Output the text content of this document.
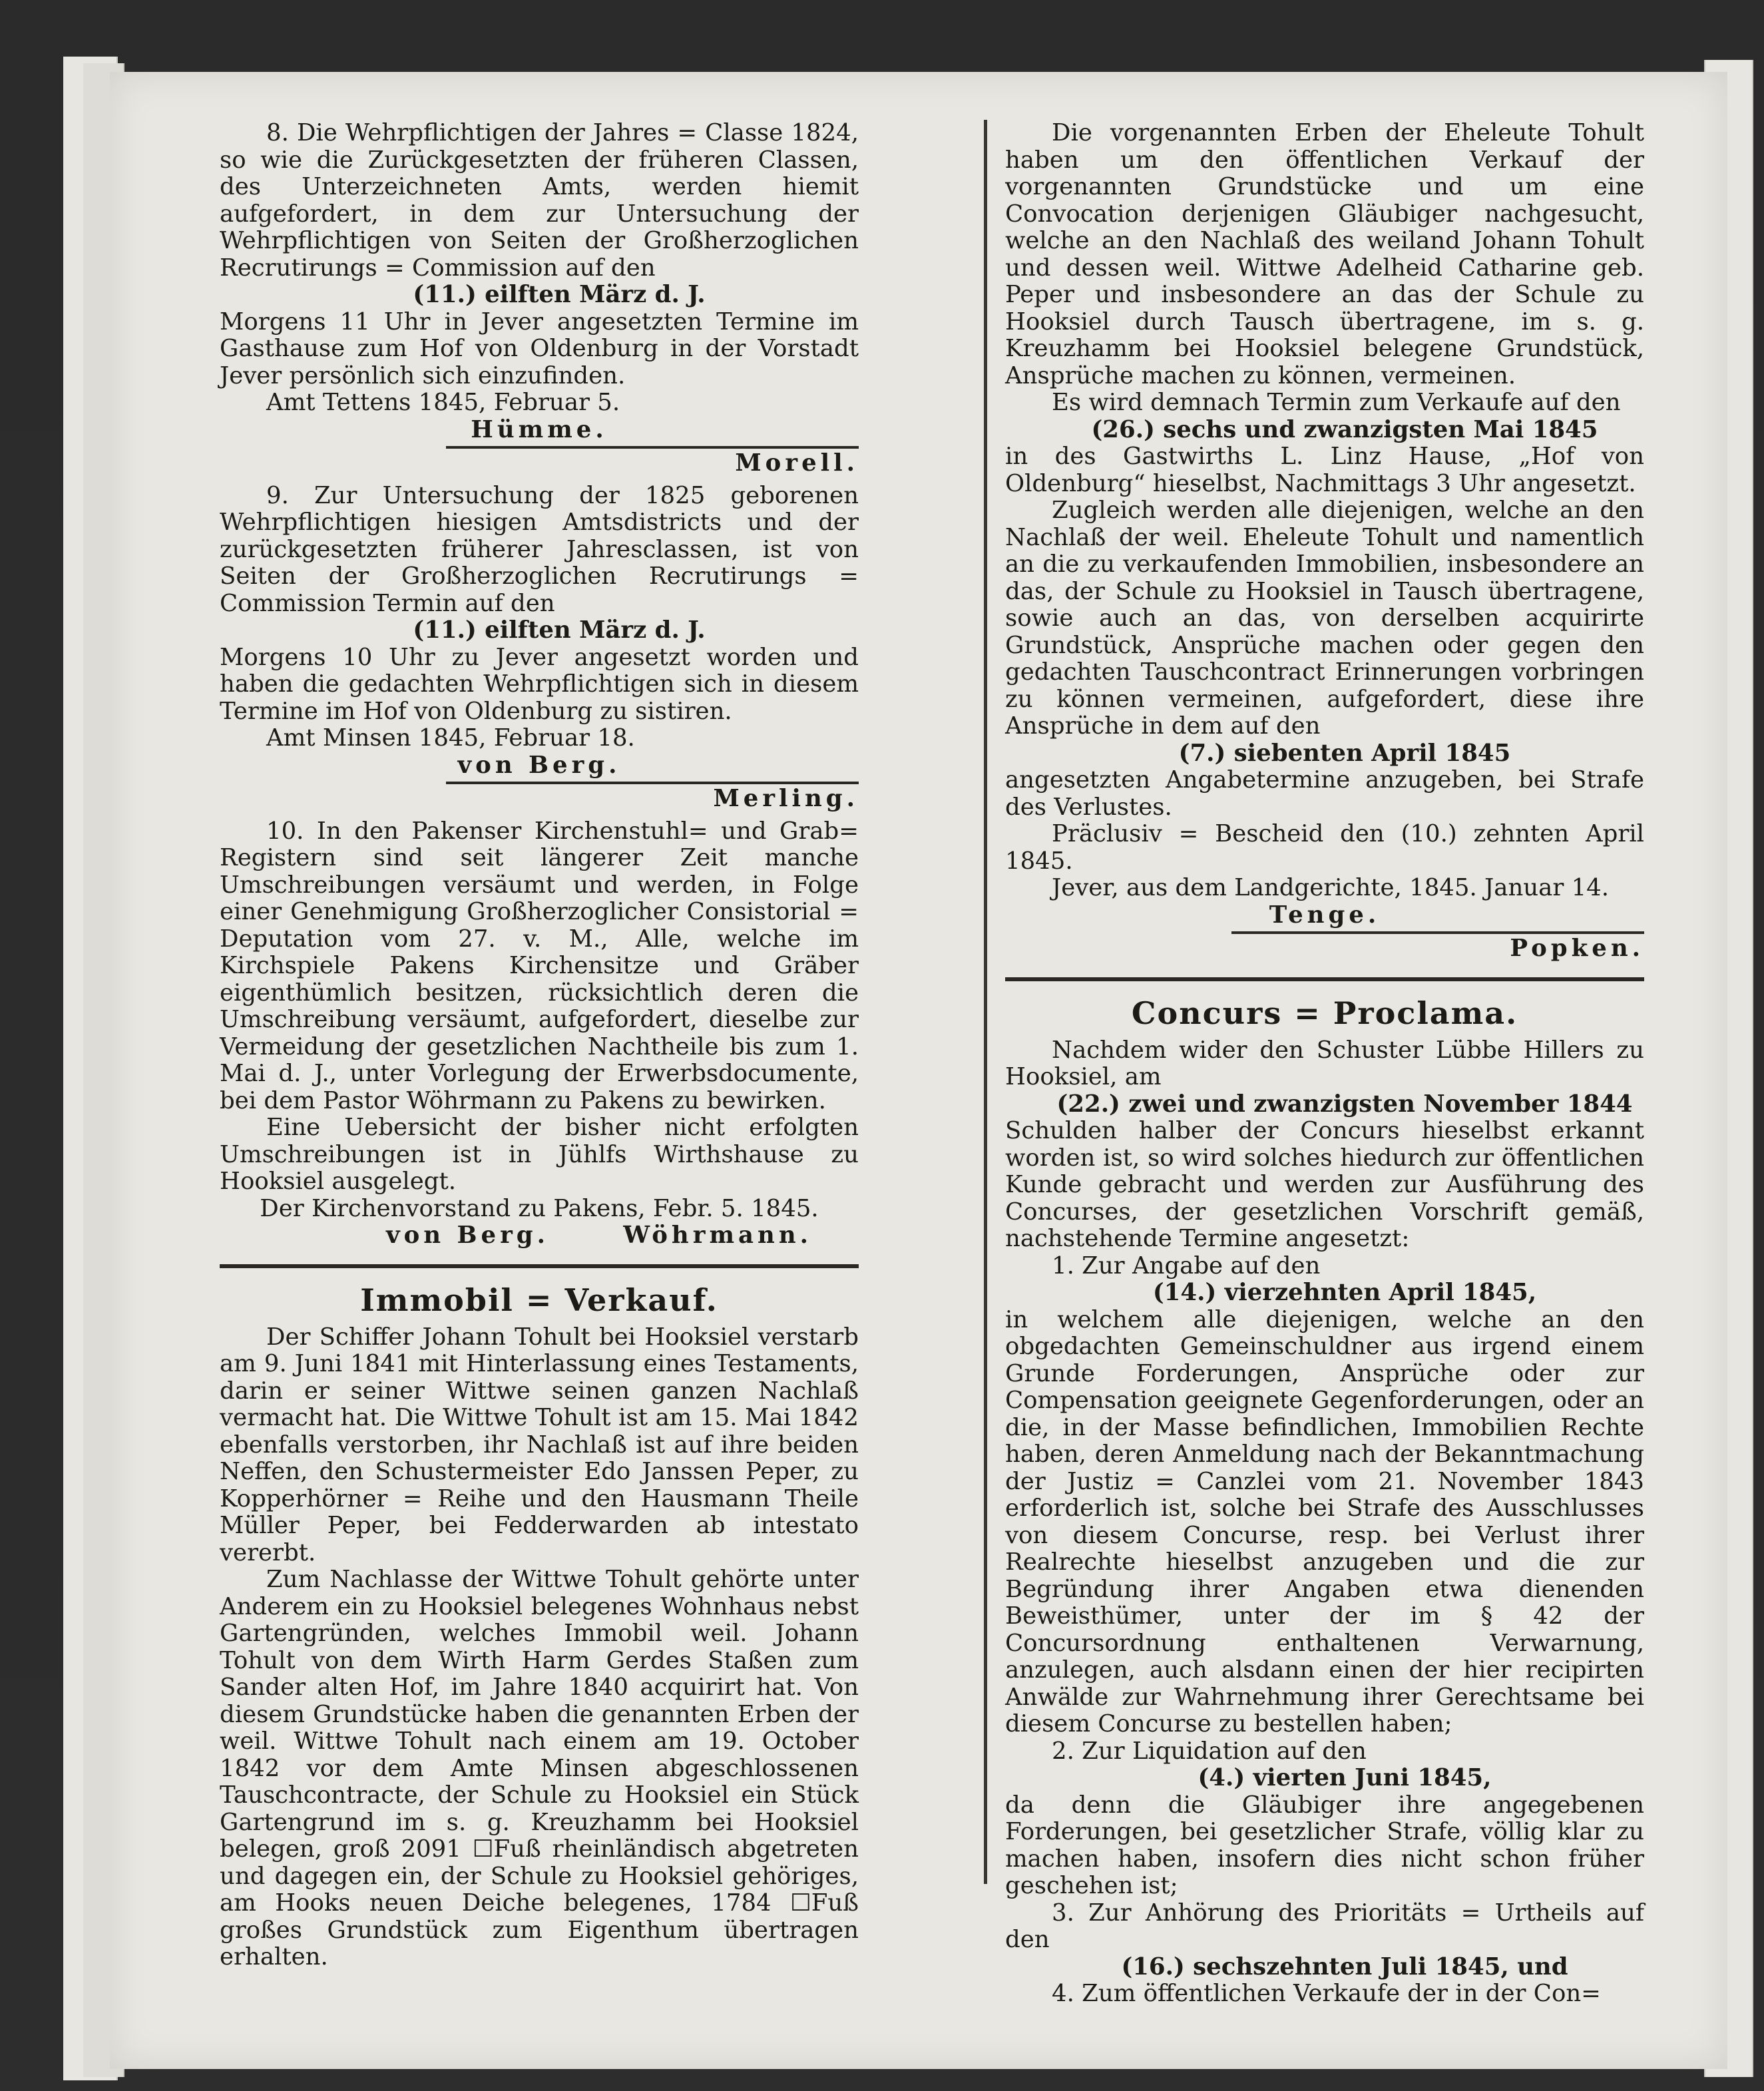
8. Die Wehrpflichtigen der Jahres = Classe 1824, so wie die Zurückgesetzten der früheren Classen, des Unterzeichneten Amts, werden hiemit aufgefordert, in dem zur Untersuchung der Wehrpflichtigen von Seiten der Großherzoglichen Recrutirungs = Commission auf den

(11.) eilften März d. J.

Morgens 11 Uhr in Jever angesetzten Termine im Gasthause zum Hof von Oldenburg in der Vorstadt Jever persönlich sich einzufinden.

Amt Tettens 1845, Februar 5.

Hümme.

Morell.

9. Zur Untersuchung der 1825 geborenen Wehrpflichtigen hiesigen Amtsdistricts und der zurückgesetzten früherer Jahresclassen, ist von Seiten der Großherzoglichen Recrutirungs = Commission Termin auf den

(11.) eilften März d. J.

Morgens 10 Uhr zu Jever angesetzt worden und haben die gedachten Wehrpflichtigen sich in diesem Termine im Hof von Oldenburg zu sistiren.

Amt Minsen 1845, Februar 18.

von Berg.

Merling.

10. In den Pakenser Kirchenstuhl= und Grab= Registern sind seit längerer Zeit manche Umschreibungen versäumt und werden, in Folge einer Genehmigung Großherzoglicher Consistorial = Deputation vom 27. v. M., Alle, welche im Kirchspiele Pakens Kirchensitze und Gräber eigenthümlich besitzen, rücksichtlich deren die Umschreibung versäumt, aufgefordert, dieselbe zur Vermeidung der gesetzlichen Nachtheile bis zum 1. Mai d. J., unter Vorlegung der Erwerbsdocumente, bei dem Pastor Wöhrmann zu Pakens zu bewirken.

Eine Uebersicht der bisher nicht erfolgten Umschreibungen ist in Jühlfs Wirthshause zu Hooksiel ausgelegt.

Der Kirchenvorstand zu Pakens, Febr. 5. 1845.

von Berg.	Wöhrmann.

Immobil = Verkauf.

Der Schiffer Johann Tohult bei Hooksiel verstarb am 9. Juni 1841 mit Hinterlassung eines Testaments, darin er seiner Wittwe seinen ganzen Nachlaß vermacht hat. Die Wittwe Tohult ist am 15. Mai 1842 ebenfalls verstorben, ihr Nachlaß ist auf ihre beiden Neffen, den Schustermeister Edo Janssen Peper, zu Kopperhörner = Reihe und den Hausmann Theile Müller Peper, bei Fedderwarden ab intestato vererbt.

Zum Nachlasse der Wittwe Tohult gehörte unter Anderem ein zu Hooksiel belegenes Wohnhaus nebst Gartengründen, welches Immobil weil. Johann Tohult von dem Wirth Harm Gerdes Staßen zum Sander alten Hof, im Jahre 1840 acquirirt hat. Von diesem Grundstücke haben die genannten Erben der weil. Wittwe Tohult nach einem am 19. October 1842 vor dem Amte Minsen abgeschlossenen Tauschcontracte, der Schule zu Hooksiel ein Stück Gartengrund im s. g. Kreuzhamm bei Hooksiel belegen, groß 2091 ☐Fuß rheinländisch abgetreten und dagegen ein, der Schule zu Hooksiel gehöriges, am Hooks neuen Deiche belegenes, 1784 ☐Fuß großes Grundstück zum Eigenthum übertragen erhalten.

Die vorgenannten Erben der Eheleute Tohult haben um den öffentlichen Verkauf der vorgenannten Grundstücke und um eine Convocation derjenigen Gläubiger nachgesucht, welche an den Nachlaß des weiland Johann Tohult und dessen weil. Wittwe Adelheid Catharine geb. Peper und insbesondere an das der Schule zu Hooksiel durch Tausch übertragene, im s. g. Kreuzhamm bei Hooksiel belegene Grundstück, Ansprüche machen zu können, vermeinen.

Es wird demnach Termin zum Verkaufe auf den

(26.) sechs und zwanzigsten Mai 1845

in des Gastwirths L. Linz Hause, „Hof von Oldenburg“ hieselbst, Nachmittags 3 Uhr angesetzt.

Zugleich werden alle diejenigen, welche an den Nachlaß der weil. Eheleute Tohult und namentlich an die zu verkaufenden Immobilien, insbesondere an das, der Schule zu Hooksiel in Tausch übertragene, sowie auch an das, von derselben acquirirte Grundstück, Ansprüche machen oder gegen den gedachten Tauschcontract Erinnerungen vorbringen zu können vermeinen, aufgefordert, diese ihre Ansprüche in dem auf den

(7.) siebenten April 1845

angesetzten Angabetermine anzugeben, bei Strafe des Verlustes.

Präclusiv = Bescheid den (10.) zehnten April 1845.

Jever, aus dem Landgerichte, 1845. Januar 14.

Tenge.

Popken.

Concurs = Proclama.

Nachdem wider den Schuster Lübbe Hillers zu Hooksiel, am

(22.) zwei und zwanzigsten November 1844

Schulden halber der Concurs hieselbst erkannt worden ist, so wird solches hiedurch zur öffentlichen Kunde gebracht und werden zur Ausführung des Concurses, der gesetzlichen Vorschrift gemäß, nachstehende Termine angesetzt:

1. Zur Angabe auf den

(14.) vierzehnten April 1845,

in welchem alle diejenigen, welche an den obgedachten Gemeinschuldner aus irgend einem Grunde Forderungen, Ansprüche oder zur Compensation geeignete Gegenforderungen, oder an die, in der Masse befindlichen, Immobilien Rechte haben, deren Anmeldung nach der Bekanntmachung der Justiz = Canzlei vom 21. November 1843 erforderlich ist, solche bei Strafe des Ausschlusses von diesem Concurse, resp. bei Verlust ihrer Realrechte hieselbst anzugeben und die zur Begründung ihrer Angaben etwa dienenden Beweisthümer, unter der im § 42 der Concursordnung enthaltenen Verwarnung, anzulegen, auch alsdann einen der hier recipirten Anwälde zur Wahrnehmung ihrer Gerechtsame bei diesem Concurse zu bestellen haben;

2. Zur Liquidation auf den

(4.) vierten Juni 1845,

da denn die Gläubiger ihre angegebenen Forderungen, bei gesetzlicher Strafe, völlig klar zu machen haben, insofern dies nicht schon früher geschehen ist;

3. Zur Anhörung des Prioritäts = Urtheils auf den

(16.) sechszehnten Juli 1845, und

4. Zum öffentlichen Verkaufe der in der Con=
